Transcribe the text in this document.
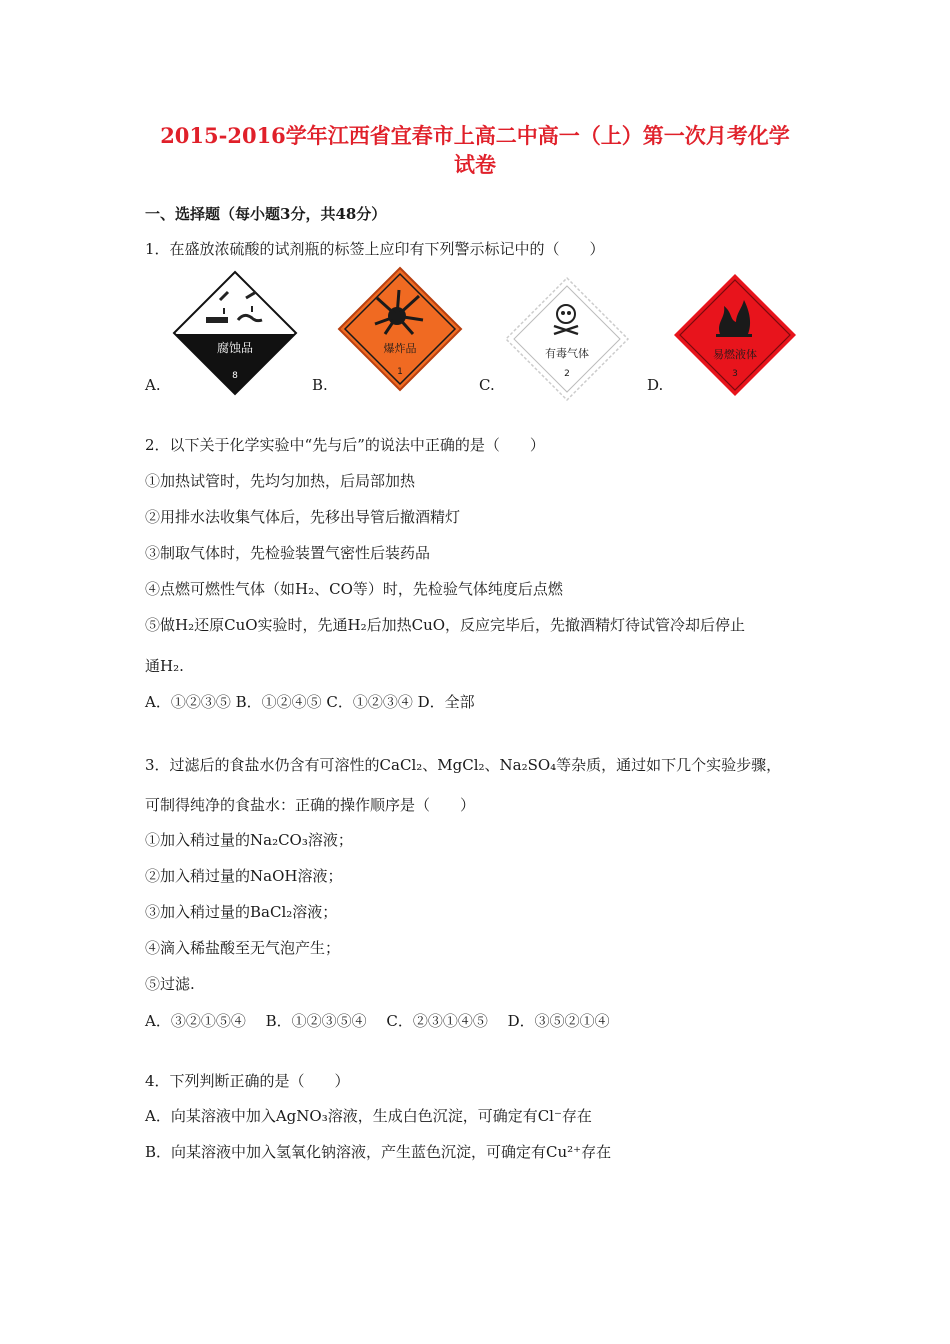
2015-2016学年江西省宜春市上高二中高一（上）第一次月考化学
试卷
一、选择题（每小题3分，共48分）
1．在盛放浓硫酸的试剂瓶的标签上应印有下列警示标记中的（　　）
A.
腐蚀品
8	B.
爆炸品
1
C.
有毒气体
2
D.
易燃液体
3
2．以下关于化学实验中“先与后”的说法中正确的是（　　）
①加热试管时，先均匀加热，后局部加热
②用排水法收集气体后，先移出导管后撤酒精灯
③制取气体时，先检验装置气密性后装药品
④点燃可燃性气体（如H₂、CO等）时，先检验气体纯度后点燃
⑤做H₂还原CuO实验时，先通H₂后加热CuO，反应完毕后，先撤酒精灯待试管冷却后停止
通H₂.
A．①②③⑤ B．①②④⑤ C．①②③④ D．全部
3．过滤后的食盐水仍含有可溶性的CaCl₂、MgCl₂、Na₂SO₄等杂质，通过如下几个实验步骤，
可制得纯净的食盐水：正确的操作顺序是（　　）
①加入稍过量的Na₂CO₃溶液；
②加入稍过量的NaOH溶液；
③加入稍过量的BaCl₂溶液；
④滴入稀盐酸至无气泡产生；
⑤过滤.
A．③②①⑤④　 B．①②③⑤④　 C．②③①④⑤　 D．③⑤②①④
4．下列判断正确的是（　　）
A．向某溶液中加入AgNO₃溶液，生成白色沉淀，可确定有Cl⁻存在
B．向某溶液中加入氢氧化钠溶液，产生蓝色沉淀，可确定有Cu²⁺存在
